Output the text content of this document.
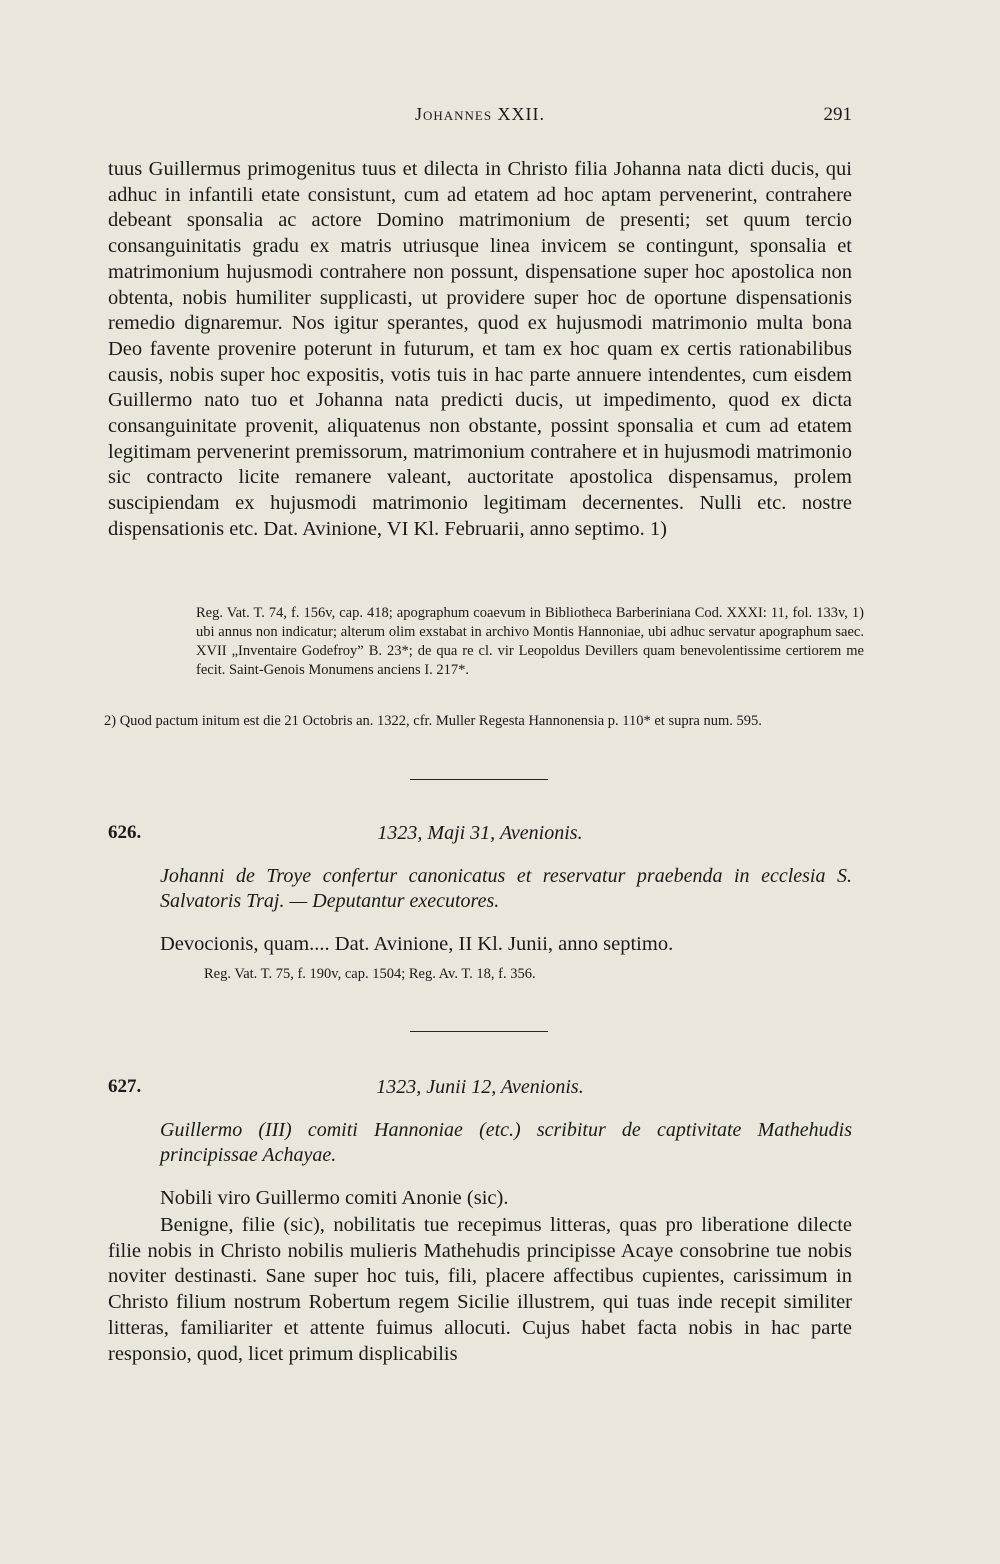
Johannes XXII.	291

tuus Guillermus primogenitus tuus et dilecta in Christo filia Johanna nata dicti ducis, qui adhuc in infantili etate consistunt, cum ad etatem ad hoc aptam pervenerint, contrahere debeant sponsalia ac actore Domino matrimonium de presenti; set quum tercio consanguinitatis gradu ex matris utriusque linea invicem se contingunt, sponsalia et matrimonium hujusmodi contrahere non possunt, dispensatione super hoc apostolica non obtenta, nobis humiliter supplicasti, ut providere super hoc de oportune dispensationis remedio dignaremur. Nos igitur sperantes, quod ex hujusmodi matrimonio multa bona Deo favente provenire poterunt in futurum, et tam ex hoc quam ex certis rationabilibus causis, nobis super hoc expositis, votis tuis in hac parte annuere intendentes, cum eisdem Guillermo nato tuo et Johanna nata predicti ducis, ut impedimento, quod ex dicta consanguinitate provenit, aliquatenus non obstante, possint sponsalia et cum ad etatem legitimam pervenerint premissorum, matrimonium contrahere et in hujusmodi matrimonio sic contracto licite remanere valeant, auctoritate apostolica dispensamus, prolem suscipiendam ex hujusmodi matrimonio legitimam decernentes. Nulli etc. nostre dispensationis etc. Dat. Avinione, VI Kl. Februarii, anno septimo. 1)

Reg. Vat. T. 74, f. 156v, cap. 418; apographum coaevum in Bibliotheca Barberiniana Cod. XXXI: 11, fol. 133v, 1) ubi annus non indicatur; alterum olim exstabat in archivo Montis Hannoniae, ubi adhuc servatur apographum saec. XVII „Inventaire Godefroy” B. 23*; de qua re cl. vir Leopoldus Devillers quam benevolentissime certiorem me fecit. Saint-Genois Monumens anciens I. 217*.

2) Quod pactum initum est die 21 Octobris an. 1322, cfr. Muller Regesta Hannonensia p. 110* et supra num. 595.

626.	1323, Maji 31, Avenionis.

Johanni de Troye confertur canonicatus et reservatur praebenda in ecclesia S. Salvatoris Traj. — Deputantur executores.

Devocionis, quam.... Dat. Avinione, II Kl. Junii, anno septimo.

Reg. Vat. T. 75, f. 190v, cap. 1504; Reg. Av. T. 18, f. 356.

627.	1323, Junii 12, Avenionis.

Guillermo (III) comiti Hannoniae (etc.) scribitur de captivitate Mathehudis principissae Achayae.

Nobili viro Guillermo comiti Anonie (sic).

Benigne, filie (sic), nobilitatis tue recepimus litteras, quas pro liberatione dilecte filie nobis in Christo nobilis mulieris Mathehudis principisse Acaye consobrine tue nobis noviter destinasti. Sane super hoc tuis, fili, placere affectibus cupientes, carissimum in Christo filium nostrum Robertum regem Sicilie illustrem, qui tuas inde recepit similiter litteras, familiariter et attente fuimus allocuti. Cujus habet facta nobis in hac parte responsio, quod, licet primum displicabilis
